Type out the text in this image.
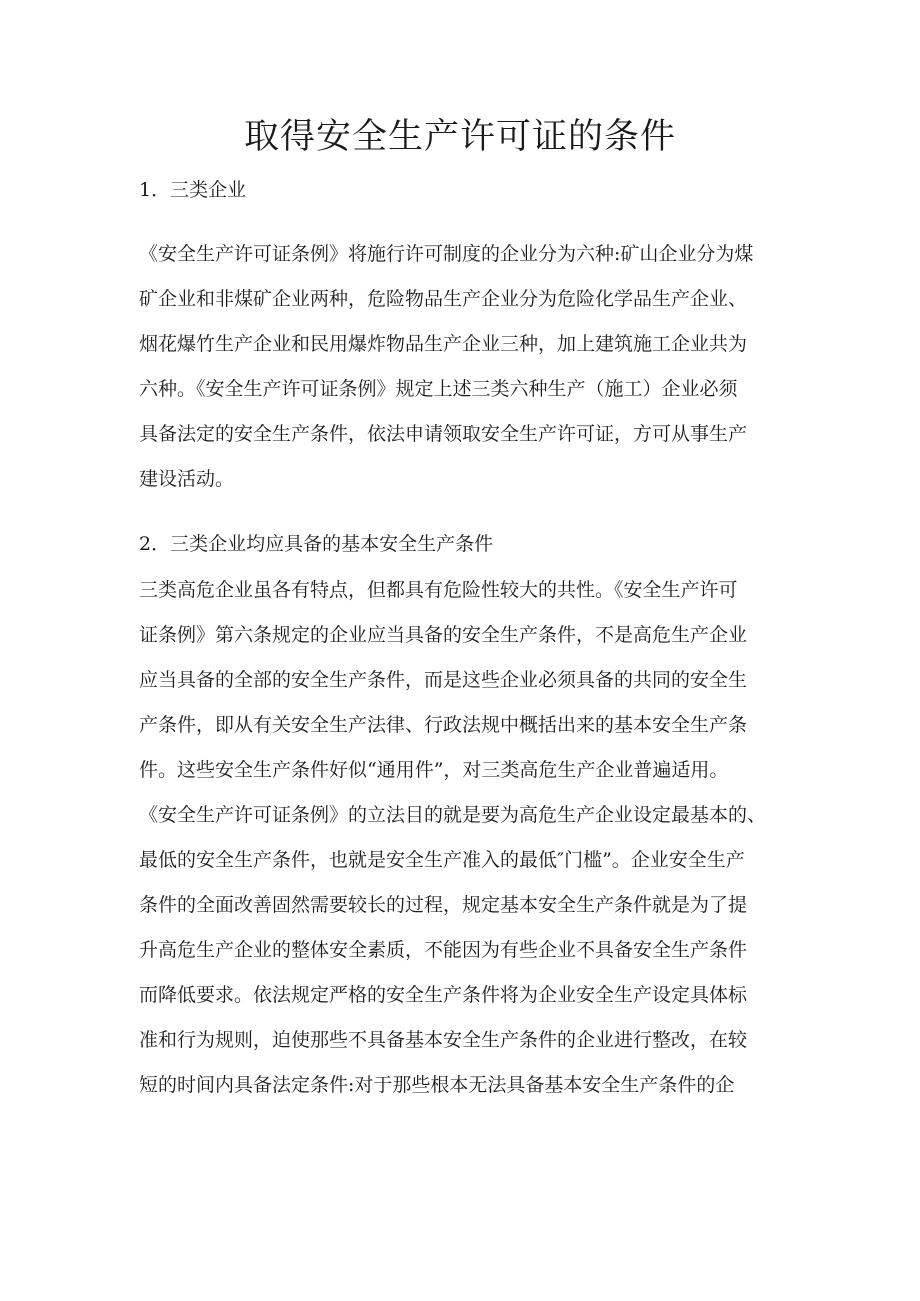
取得安全生产许可证的条件
1．三类企业
《安全生产许可证条例》将施行许可制度的企业分为六种:矿山企业分为煤
矿企业和非煤矿企业两种，危险物品生产企业分为危险化学品生产企业、
烟花爆竹生产企业和民用爆炸物品生产企业三种，加上建筑施工企业共为
六种。《安全生产许可证条例》规定上述三类六种生产（施工）企业必须
具备法定的安全生产条件，依法申请领取安全生产许可证，方可从事生产
建设活动。
2．三类企业均应具备的基本安全生产条件
三类高危企业虽各有特点，但都具有危险性较大的共性。《安全生产许可
证条例》第六条规定的企业应当具备的安全生产条件，不是高危生产企业
应当具备的全部的安全生产条件，而是这些企业必须具备的共同的安全生
产条件，即从有关安全生产法律、行政法规中概括出来的基本安全生产条
件。这些安全生产条件好似“通用件”，对三类高危生产企业普遍适用。
《安全生产许可证条例》的立法目的就是要为高危生产企业设定最基本的、
最低的安全生产条件，也就是安全生产准入的最低″门槛”。企业安全生产
条件的全面改善固然需要较长的过程，规定基本安全生产条件就是为了提
升高危生产企业的整体安全素质，不能因为有些企业不具备安全生产条件
而降低要求。依法规定严格的安全生产条件将为企业安全生产设定具体标
准和行为规则，迫使那些不具备基本安全生产条件的企业进行整改，在较
短的时间内具备法定条件:对于那些根本无法具备基本安全生产条件的企
